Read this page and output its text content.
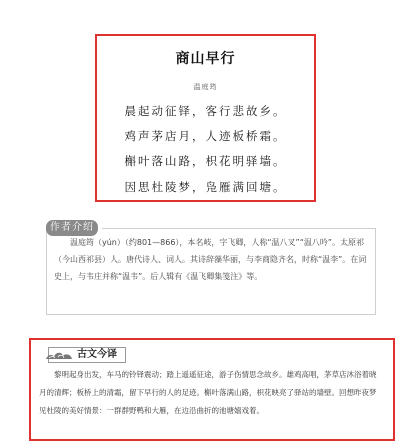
商山早行
温庭筠
晨起动征铎，客行悲故乡。
鸡声茅店月，人迹板桥霜。
槲叶落山路，枳花明驿墙。
因思杜陵梦，凫雁满回塘。
作者介绍
温庭筠（yún）（约801—866），本名岐，字飞卿，人称“温八叉”“温八吟”。太原祁（今山西祁县）人。唐代诗人、词人。其诗辞藻华丽，与李商隐齐名，时称“温李”。在词史上，与韦庄并称“温韦”。后人辑有《温飞卿集笺注》等。
古文今译
黎明起身出发，车马的铃铎震动；踏上遥遥征途，游子伤情思念故乡。雄鸡高唱，茅草店沐浴着晓月的清辉；板桥上的清霜，留下早行的人的足迹。槲叶落满山路，枳花映亮了驿站的墙壁。回想昨夜梦见杜陵的美好情景：一群群野鸭和大雁，在边沿曲折的池塘嬉戏着。
